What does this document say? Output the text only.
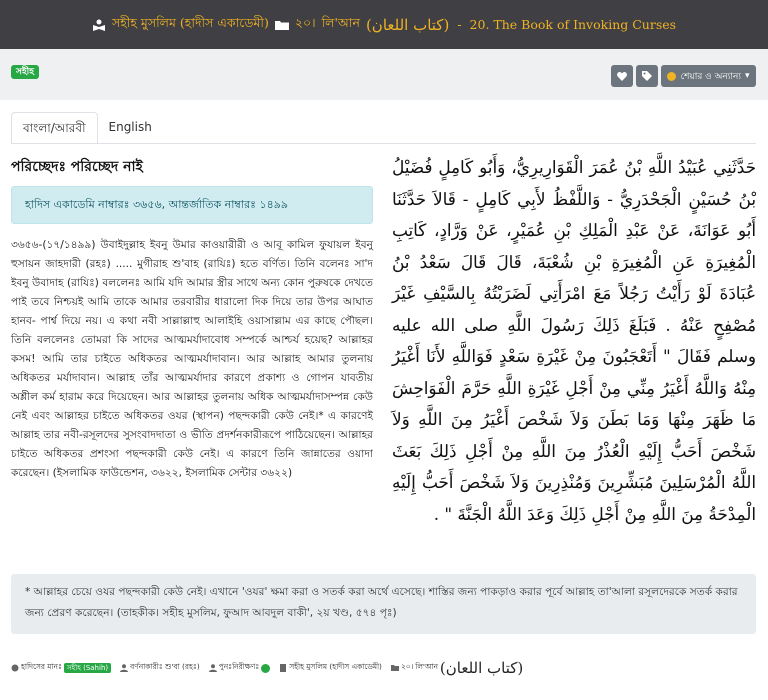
সহীহ মুসলিম (হাদীস একাডেমী) ২০। লি'আন (كتاب اللعان) - 20. The Book of Invoking Curses
সহীহ	শেয়ার ও অন্যান্য ▾
বাংলা/আরবী	English
পরিচ্ছেদঃ পরিচ্ছেদ নাই
হাদিস একাডেমি নাম্বারঃ ৩৬৫৬, আন্তর্জাতিক নাম্বারঃ ১৪৯৯
৩৬৫৬-(১৭/১৪৯৯) উবাইদুল্লাহ ইবনু উমার কাওয়ারীরী ও আবূ কামিল ফুযায়ল ইবনু হুসায়ন জাহদারী (রহঃ) ..... মুগীরাহ শু'বাহ (রাযিঃ) হতে বর্ণিত। তিনি বলেনঃ সা'দ ইবনু উবাদাহ (রাযিঃ) বললেনঃ আমি যদি আমার স্ত্রীর সাথে অন্য কোন পুরুষকে দেখতে পাই তবে নিশ্চয়ই আমি তাকে আমার তরবারীর ধারালো দিক দিয়ে তার উপর আঘাত হানব- পার্শ্ব দিয়ে নয়। এ কথা নবী সাল্লাল্লাহু আলাইহি ওয়াসাল্লাম এর কাছে পৌছল। তিনি বললেনঃ তোমরা কি সাদের আত্মমর্যাদাবোধ সম্পর্কে আশ্চর্য হয়েছ? আল্লাহর কসম! আমি তার চাইতে অধিকতর আত্মমর্যাদাবান। আর আল্লাহ আমার তুলনায় অধিকতর মর্যাদাবান। আল্লাহ তাঁর আত্মমর্যাদার কারণে প্রকাশ্য ও গোপন যাবতীয় অশ্লীল কর্ম হারাম করে দিয়েছেন। আর আল্লাহর তুলনায় অধিক আত্মমর্যাদাসম্পন্ন কেউ নেই এবং আল্লাহর চাইতে অধিকতর ওযর (স্থাপন) পছন্দকারী কেউ নেই।* এ কারণেই আল্লাহ তার নবী-রসূলদের সুসংবাদদাতা ও ভীতি প্রদর্শনকারীরূপে পাঠিয়েছেন। আল্লাহর চাইতে অধিকতর প্রশংসা পছন্দকারী কেউ নেই। এ কারণে তিনি জান্নাতের ওয়াদা করেছেন। (ইসলামিক ফাউন্ডেশন, ৩৬২২, ইসলামিক সেন্টার ৩৬২২)
حَدَّثَنِي عُبَيْدُ اللَّهِ بْنُ عُمَرَ الْقَوَارِيرِيُّ، وَأَبُو كَامِلٍ فُضَيْلُ بْنُ حُسَيْنٍ الْجَحْدَرِيُّ - وَاللَّفْظُ لأَبِي كَامِلٍ - قَالاَ حَدَّثَنَا أَبُو عَوَانَةَ، عَنْ عَبْدِ الْمَلِكِ بْنِ عُمَيْرٍ، عَنْ وَرَّادٍ، كَاتِبِ الْمُغِيرَةِ عَنِ الْمُغِيرَةِ بْنِ شُعْبَةَ، قَالَ قَالَ سَعْدُ بْنُ عُبَادَةَ لَوْ رَأَيْتُ رَجُلاً مَعَ امْرَأَتِي لَضَرَبْتُهُ بِالسَّيْفِ غَيْرَ مُصْفِحٍ عَنْهُ ‏.‏ فَبَلَغَ ذَلِكَ رَسُولَ اللَّهِ صلى الله عليه وسلم فَقَالَ ‏"‏ أَتَعْجَبُونَ مِنْ غَيْرَةِ سَعْدٍ فَوَاللَّهِ لأَنَا أَغْيَرُ مِنْهُ وَاللَّهُ أَغْيَرُ مِنِّي مِنْ أَجْلِ غَيْرَةِ اللَّهِ حَرَّمَ الْفَوَاحِشَ مَا ظَهَرَ مِنْهَا وَمَا بَطَنَ وَلاَ شَخْصَ أَغْيَرُ مِنَ اللَّهِ وَلاَ شَخْصَ أَحَبُّ إِلَيْهِ الْعُذْرُ مِنَ اللَّهِ مِنْ أَجْلِ ذَلِكَ بَعَثَ اللَّهُ الْمُرْسَلِينَ مُبَشِّرِينَ وَمُنْذِرِينَ وَلاَ شَخْصَ أَحَبُّ إِلَيْهِ الْمِدْحَةُ مِنَ اللَّهِ مِنْ أَجْلِ ذَلِكَ وَعَدَ اللَّهُ الْجَنَّةَ ‏"‏ ‏.‏
* আল্লাহর চেয়ে ওযর পছন্দকারী কেউ নেই। এখানে 'ওযর' ক্ষমা করা ও সতর্ক করা অর্থে এসেছে। শাস্তির জন্য পাকড়াও করার পূর্বে আল্লাহ তা'আলা রসূলদেরকে সতর্ক করার জন্য প্রেরণ করেছেন। (তাহকীক। সহীহ মুসলিম, ফুআদ আবদুল বাকী', ২য় খণ্ড, ৫৭৪ পৃঃ)
হাদিসের মানঃ সহীহ (Sahih)	বর্ণনাকারীঃ শু'বা (রহঃ)	পুনঃনিরীক্ষণঃ	সহীহ মুসলিম (হাদীস একাডেমী)	২০। লি'আন (كتاب اللعان)
